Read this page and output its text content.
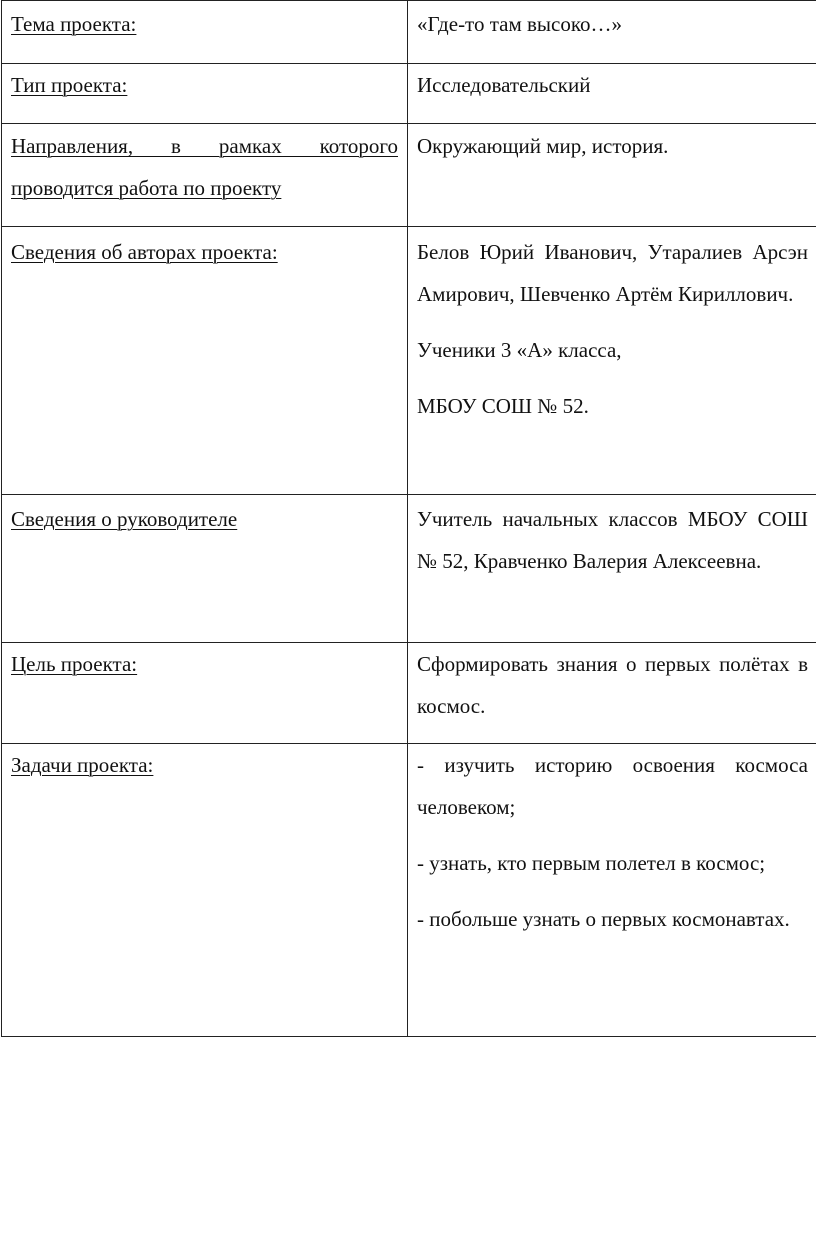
Тема проекта:	«Где-то там высоко…»

Тип проекта:	Исследовательский

Направления, в рамках которого проводится работа по проекту	Окружающий мир, история.

Сведения об авторах проекта:	Белов Юрий Иванович, Утаралиев Арсэн Амирович, Шевченко Артём Кириллович.

Ученики 3 «А» класса,

МБОУ СОШ № 52.

Сведения о руководителе	Учитель начальных классов МБОУ СОШ № 52, Кравченко Валерия Алексеевна.

Цель проекта:	Сформировать знания о первых полётах в космос.

Задачи проекта:	- изучить историю освоения космоса человеком;

- узнать, кто первым полетел в космос;

- побольше узнать о первых космонавтах.
